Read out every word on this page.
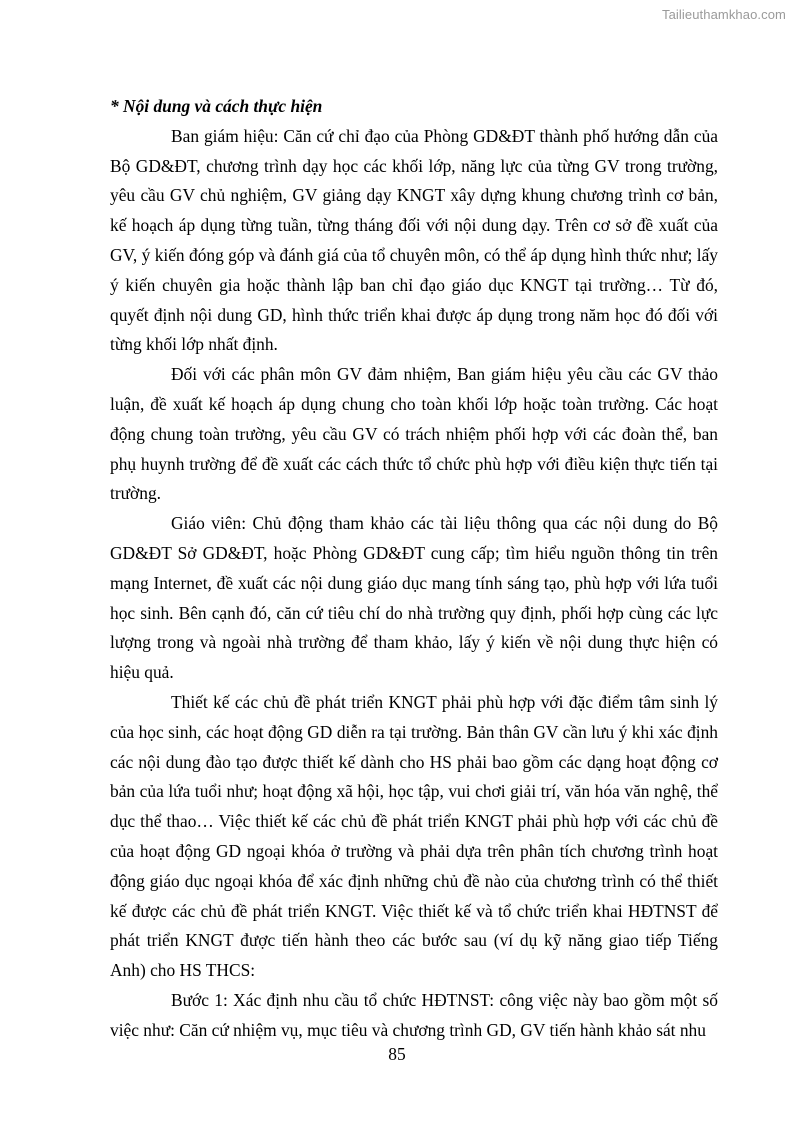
Tailieuthamkhao.com

* Nội dung và cách thực hiện

Ban giám hiệu: Căn cứ chỉ đạo của Phòng GD&ĐT thành phố hướng dẫn của Bộ GD&ĐT, chương trình dạy học các khối lớp, năng lực của từng GV trong trường, yêu cầu GV chủ nghiệm, GV giảng dạy KNGT xây dựng khung chương trình cơ bản, kế hoạch áp dụng từng tuần, từng tháng đối với nội dung dạy. Trên cơ sở đề xuất của GV, ý kiến đóng góp và đánh giá của tổ chuyên môn, có thể áp dụng hình thức như; lấy ý kiến chuyên gia hoặc thành lập ban chỉ đạo giáo dục KNGT tại trường… Từ đó, quyết định nội dung GD, hình thức triển khai được áp dụng trong năm học đó đối với từng khối lớp nhất định.

Đối với các phân môn GV đảm nhiệm, Ban giám hiệu yêu cầu các GV thảo luận, đề xuất kế hoạch áp dụng chung cho toàn khối lớp hoặc toàn trường. Các hoạt động chung toàn trường, yêu cầu GV có trách nhiệm phối hợp với các đoàn thể, ban phụ huynh trường để đề xuất các cách thức tổ chức phù hợp với điều kiện thực tiến tại trường.

Giáo viên: Chủ động tham khảo các tài liệu thông qua các nội dung do Bộ GD&ĐT Sở GD&ĐT, hoặc Phòng GD&ĐT cung cấp; tìm hiểu nguồn thông tin trên mạng Internet, đề xuất các nội dung giáo dục mang tính sáng tạo, phù hợp với lứa tuổi học sinh. Bên cạnh đó, căn cứ tiêu chí do nhà trường quy định, phối hợp cùng các lực lượng trong và ngoài nhà trường để tham khảo, lấy ý kiến về nội dung thực hiện có hiệu quả.

Thiết kế các chủ đề phát triển KNGT phải phù hợp với đặc điểm tâm sinh lý của học sinh, các hoạt động GD diễn ra tại trường. Bản thân GV cần lưu ý khi xác định các nội dung đào tạo được thiết kế dành cho HS phải bao gồm các dạng hoạt động cơ bản của lứa tuổi như; hoạt động xã hội, học tập, vui chơi giải trí, văn hóa văn nghệ, thể dục thể thao… Việc thiết kế các chủ đề phát triển KNGT phải phù hợp với các chủ đề của hoạt động GD ngoại khóa ở trường và phải dựa trên phân tích chương trình hoạt động giáo dục ngoại khóa để xác định những chủ đề nào của chương trình có thể thiết kế được các chủ đề phát triển KNGT. Việc thiết kế và tổ chức triển khai HĐTNST để phát triển KNGT được tiến hành theo các bước sau (ví dụ kỹ năng giao tiếp Tiếng Anh) cho HS THCS:

Bước 1: Xác định nhu cầu tổ chức HĐTNST: công việc này bao gồm một số việc như: Căn cứ nhiệm vụ, mục tiêu và chương trình GD, GV tiến hành khảo sát nhu

85
